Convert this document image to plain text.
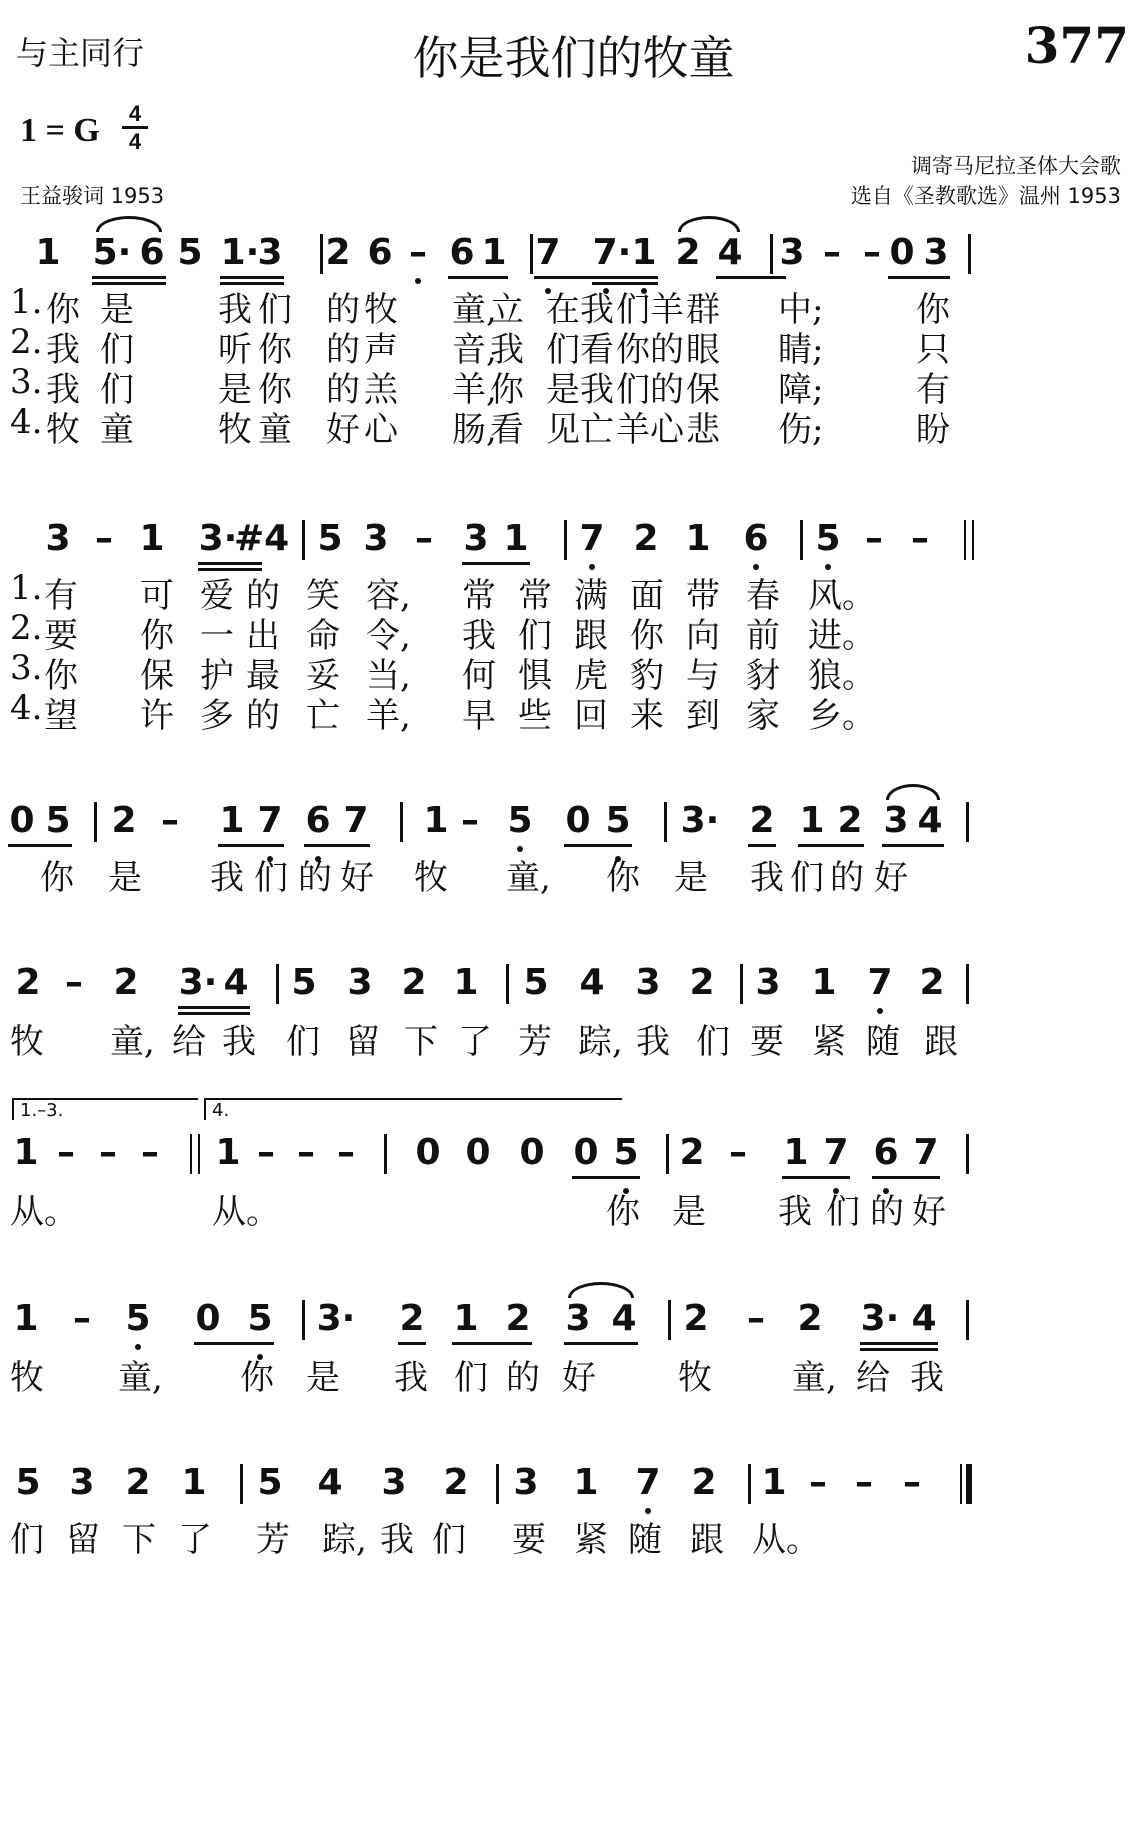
与主同行	你是我们的牧童	377
1 = G	4
4
调寄马尼拉圣体大会歌
选自《圣教歌选》温州 1953
王益骏词 1953
1 5· 6 5 1·
3 2 6 – 6 1 7 7· 1 2 4 3 – – 0 3
1. 你 是 我 们 的 牧 童,
立 在 我 们 羊 群 中;	你
2. 我 们 听 你 的 声 音,
我 们 看 你 的 眼 睛;	只
3. 我 们 是 你 的 羔 羊,
你 是 我 们 的 保 障;	有
4. 牧 童 牧 童 好 心 肠,
看 见 亡 羊 心 悲 伤;	盼
3 – 1 3·
#4 5 3 – 3 1 7 2 1 6 5 – –
1. 有 可 爱 的 笑 容, 常 常 满 面 带 春 风。
2. 要 你 一 出 命 令, 我 们 跟 你 向 前 进。
3. 你 保 护 最 妥 当, 何 惧 虎 豹 与 豺 狼。
4. 望 许 多 的 亡 羊, 早 些 回 来 到 家 乡。
0 5 2 – 1 7 6 7 1 – 5 0 5 3· 2 1 2 3 4
你 是 我 们 的 好 牧 童, 你 是 我 们 的 好
2 – 2 3· 4 5 3 2 1 5 4 3 2 3 1 7 2
牧 童, 给 我 们 留 下 了 芳 踪, 我 们 要 紧 随 跟
1 – – – 1 – – – 0 0 0 0 5 2 – 1 7 6 7
从。	从。	你 是 我 们 的 好
1 – 5 0 5 3· 2 1 2 3 4 2 – 2 3· 4
牧 童, 你 是 我 们 的 好 牧 童, 给 我
5 3 2 1 5 4 3 2 3 1 7 2 1 – – –
们 留 下 了 芳 踪, 我 们 要 紧 随 跟 从。
1.–3.	4.
